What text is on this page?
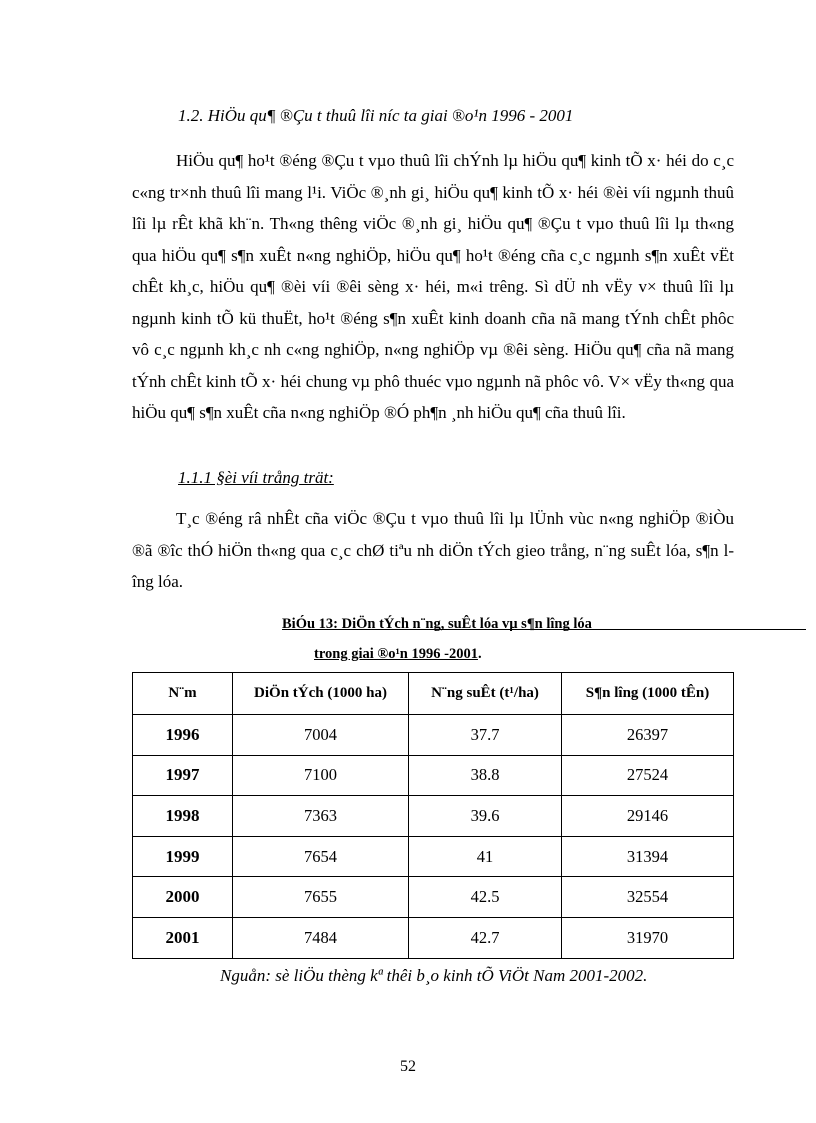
1.2. HiÖu qu¶ ®Çu t thuû lîi níc ta giai ®o¹n 1996 - 2001

HiÖu qu¶ ho¹t ®éng ®Çu t vµo thuû lîi chÝnh lµ hiÖu qu¶ kinh tÕ x· héi do c¸c c«ng tr×nh thuû lîi mang l¹i. ViÖc ®¸nh gi¸ hiÖu qu¶ kinh tÕ x· héi ®èi víi ngµnh thuû lîi lµ rÊt khã kh¨n. Th«ng thêng viÖc ®¸nh gi¸ hiÖu qu¶ ®Çu t vµo thuû lîi lµ th«ng qua hiÖu qu¶ s¶n xuÊt n«ng nghiÖp, hiÖu qu¶ ho¹t ®éng cña c¸c ngµnh s¶n xuÊt vËt chÊt kh¸c, hiÖu qu¶ ®èi víi ®êi sèng x· héi, m«i trêng. Sì dÜ nh vËy v× thuû lîi lµ ngµnh kinh tÕ kü thuËt, ho¹t ®éng s¶n xuÊt kinh doanh cña nã mang tÝnh chÊt phôc vô c¸c ngµnh kh¸c nh c«ng nghiÖp, n«ng nghiÖp vµ ®êi sèng. HiÖu qu¶ cña nã mang tÝnh chÊt kinh tÕ x· héi chung vµ phô thuéc vµo ngµnh nã phôc vô. V× vËy th«ng qua hiÖu qu¶ s¶n xuÊt cña n«ng nghiÖp ®Ó ph¶n ¸nh hiÖu qu¶ cña thuû lîi.

1.1.1 §èi víi trång trät:

T¸c ®éng râ nhÊt cña viÖc ®Çu t vµo thuû lîi lµ lÜnh vùc n«ng nghiÖp ®iÒu ®ã ®îc thÓ hiÖn th«ng qua c¸c chØ tiªu nh diÖn tÝch gieo trång, n¨ng suÊt lóa, s¶n lîng lóa.

BiÓu 13: DiÖn tÝch n¨ng, suÊt lóa vµ s¶n lîng lóa
trong giai ®o¹n 1996 -2001.
N¨m	DiÖn tÝch (1000 ha)	N¨ng suÊt (t¹/ha)	S¶n lîng (1000 tÊn)
1996	7004	37.7	26397
1997	7100	38.8	27524
1998	7363	39.6	29146
1999	7654	41	31394
2000	7655	42.5	32554
2001	7484	42.7	31970
Nguån: sè liÖu thèng kª thêi b¸o kinh tÕ ViÖt Nam 2001-2002.
52
